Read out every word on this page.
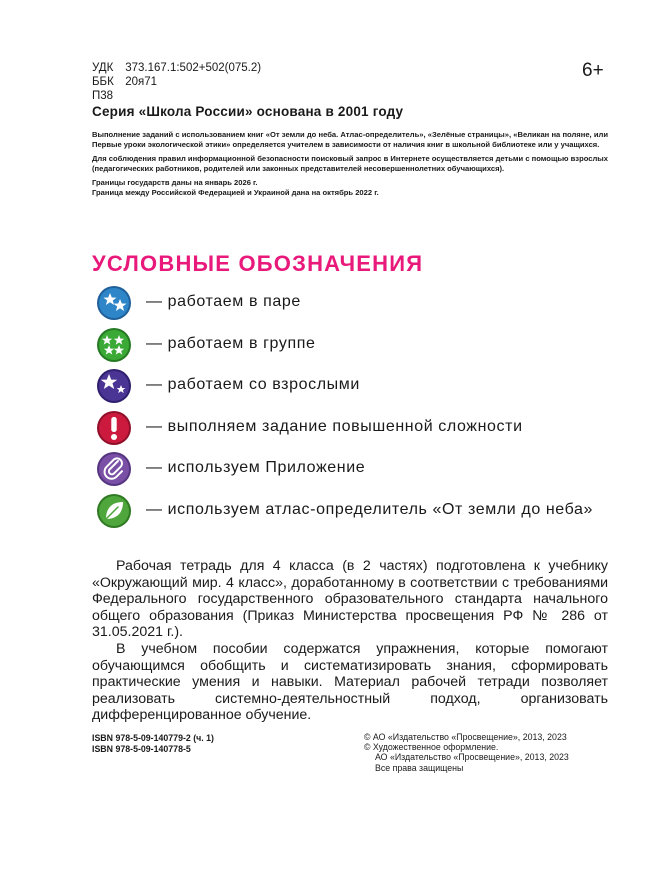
УДК 373.167.1:502+502(075.2)
ББК 20я71
П38
6+
Серия «Школа России» основана в 2001 году

Выполнение заданий с использованием книг «От земли до неба. Атлас-определитель», «Зелёные страницы», «Великан на поляне, или Первые уроки экологической этики» определяется учителем в зависимости от наличия книг в школьной библиотеке или у учащихся.

Для соблюдения правил информационной безопасности поисковый запрос в Интернете осуществляется детьми с помощью взрослых (педагогических работников, родителей или законных представителей несовершеннолетних обучающихся).

Границы государств даны на январь 2026 г.

Граница между Российской Федерацией и Украиной дана на октябрь 2022 г.

УСЛОВНЫЕ ОБОЗНАЧЕНИЯ
— работаем в паре
— работаем в группе
— работаем со взрослыми
— выполняем задание повышенной сложности
— используем Приложение
— используем атлас-определитель «От земли до неба»

Рабочая тетрадь для 4 класса (в 2 частях) подготовлена к учебнику «Окружающий мир. 4 класс», доработанному в соответствии с требованиями Федерального государственного образовательного стандарта начального общего образования (Приказ Министерства просвещения РФ № 286 от 31.05.2021 г.).

В учебном пособии содержатся упражнения, которые помогают обучающимся обобщить и систематизировать знания, сформировать практические умения и навыки. Материал рабочей тетради позволяет реализовать системно-деятельностный подход, организовать дифференцированное обучение.

ISBN 978-5-09-140779-2 (ч. 1)
ISBN 978-5-09-140778-5
© АО «Издательство «Просвещение», 2013, 2023
© Художественное оформление.
АО «Издательство «Просвещение», 2013, 2023
Все права защищены
